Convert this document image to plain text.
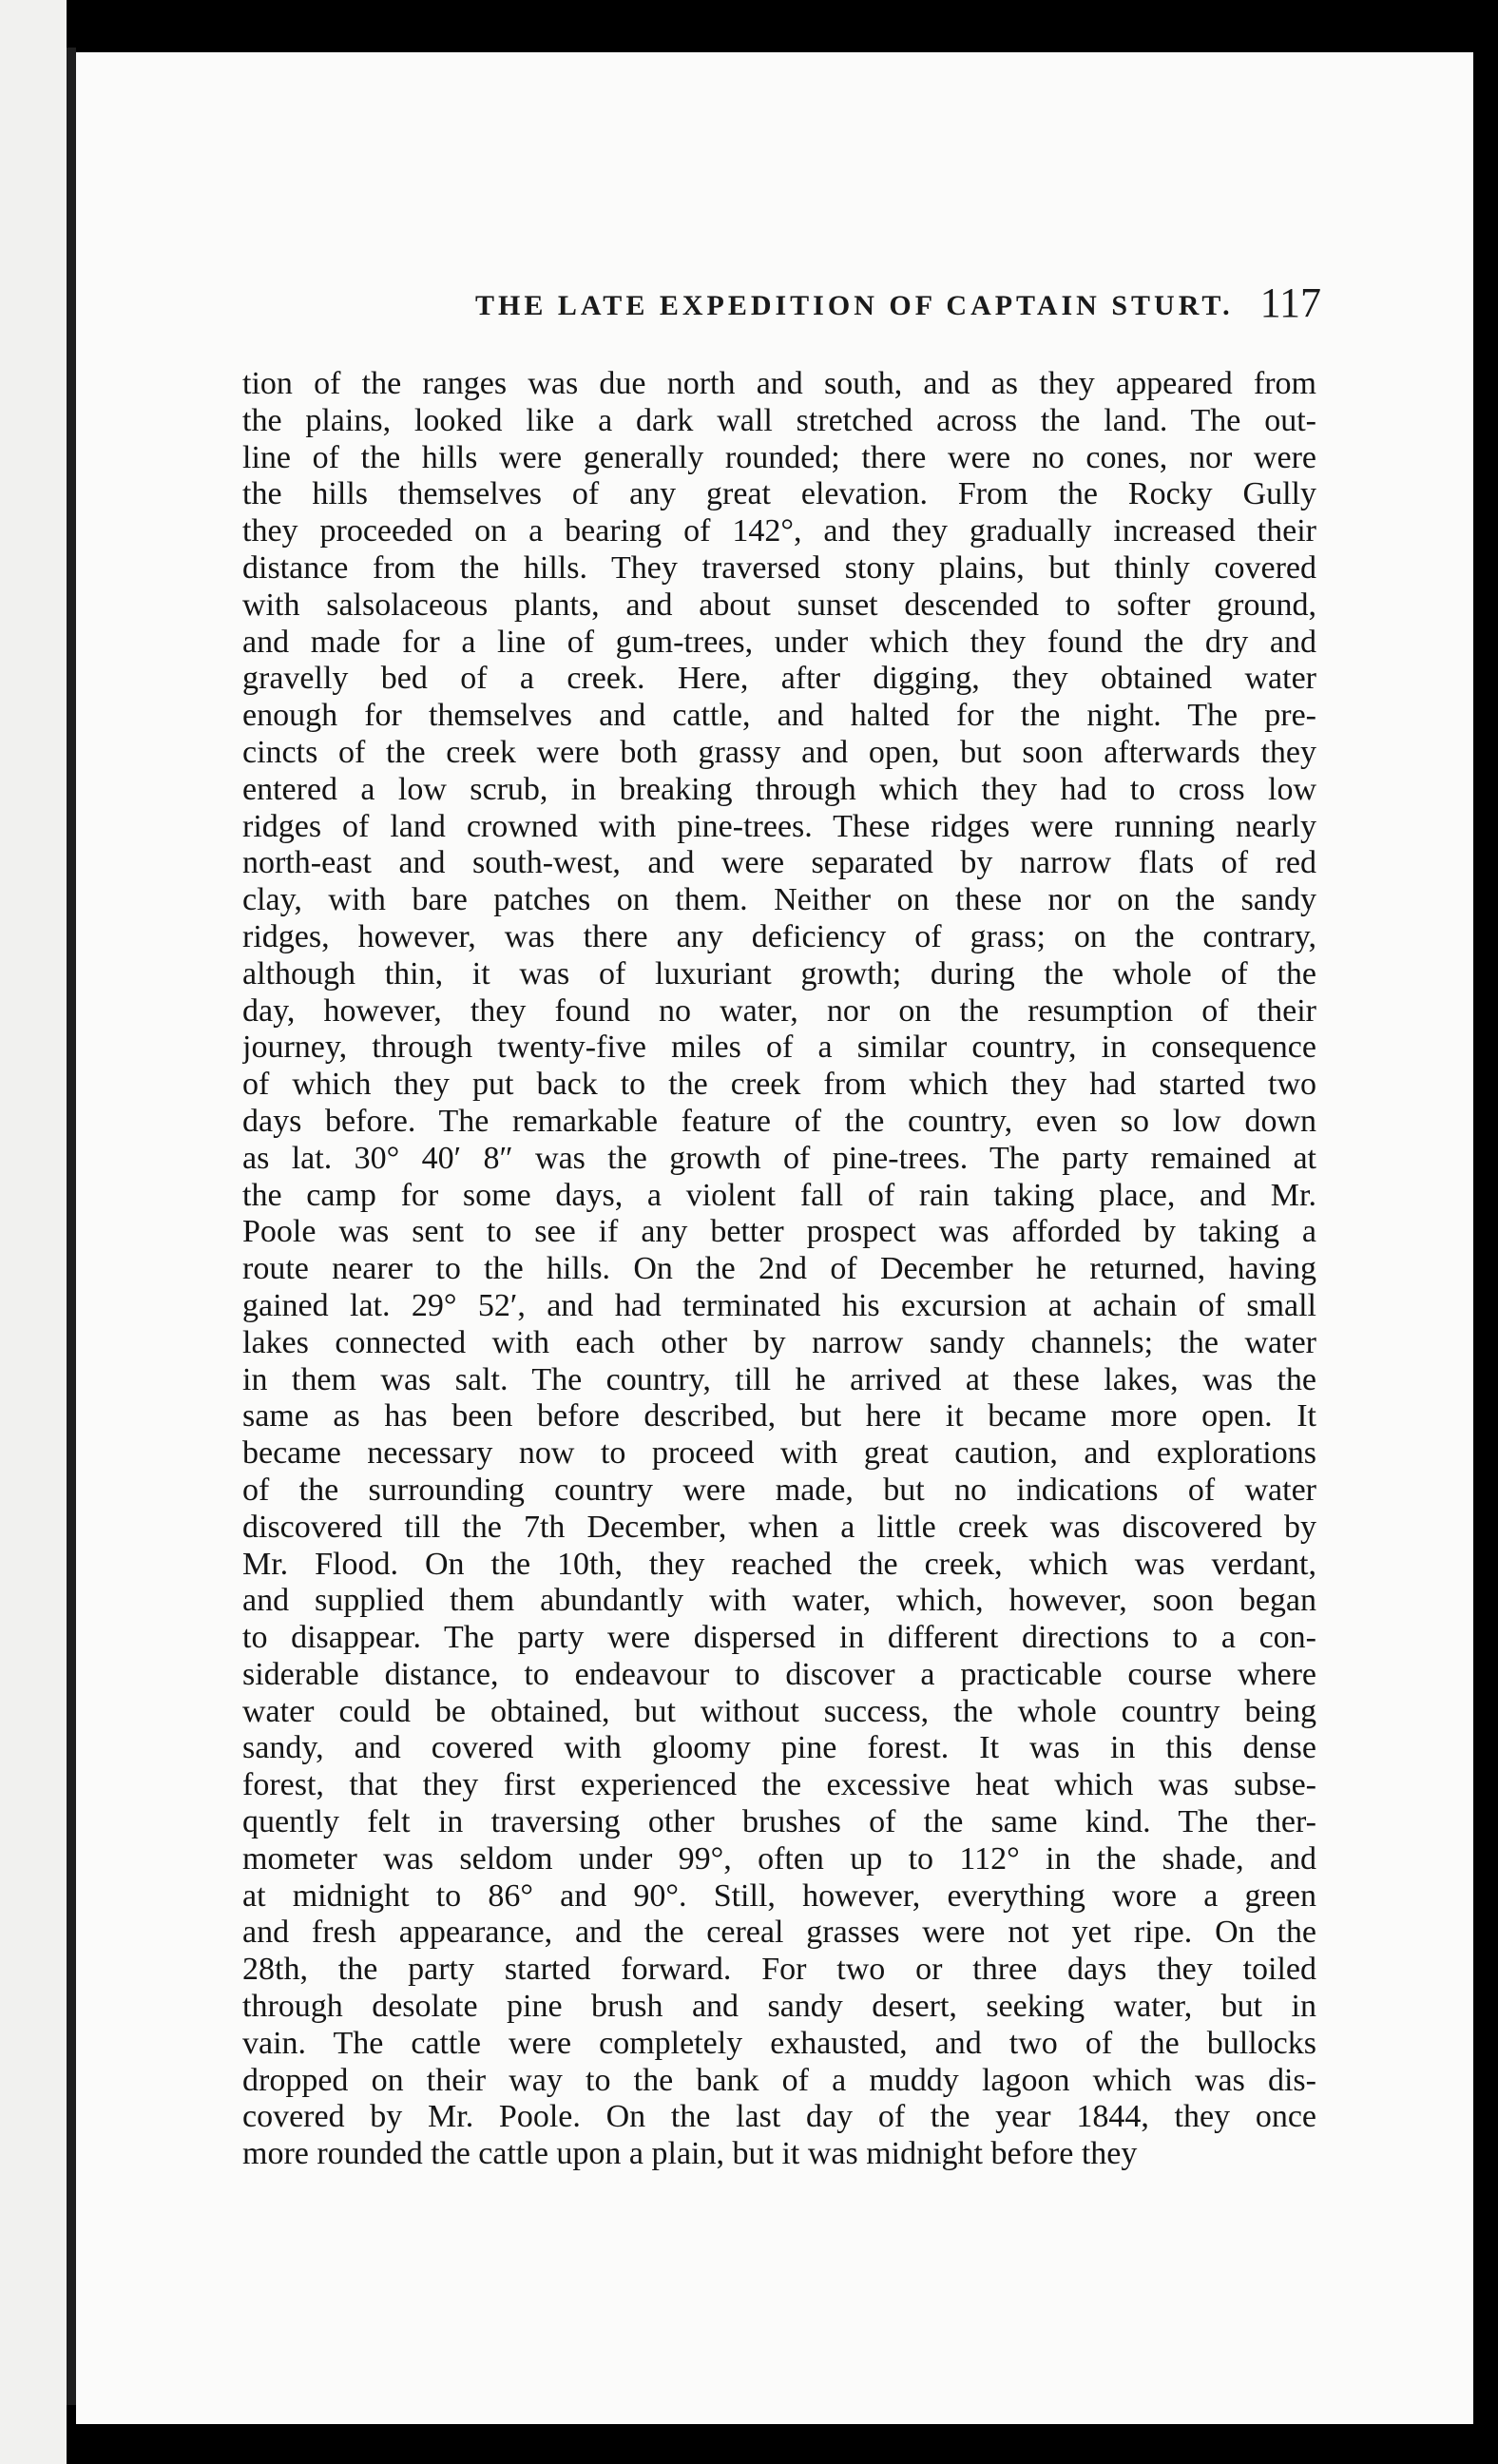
THE LATE EXPEDITION OF CAPTAIN STURT. 117
tion of the ranges was due north and south, and as they appeared from
the plains, looked like a dark wall stretched across the land. The out-
line of the hills were generally rounded; there were no cones, nor were
the hills themselves of any great elevation. From the Rocky Gully
they proceeded on a bearing of 142°, and they gradually increased their
distance from the hills. They traversed stony plains, but thinly covered
with salsolaceous plants, and about sunset descended to softer ground,
and made for a line of gum-trees, under which they found the dry and
gravelly bed of a creek. Here, after digging, they obtained water
enough for themselves and cattle, and halted for the night. The pre-
cincts of the creek were both grassy and open, but soon afterwards they
entered a low scrub, in breaking through which they had to cross low
ridges of land crowned with pine-trees. These ridges were running nearly
north-east and south-west, and were separated by narrow flats of red
clay, with bare patches on them. Neither on these nor on the sandy
ridges, however, was there any deficiency of grass; on the contrary,
although thin, it was of luxuriant growth; during the whole of the
day, however, they found no water, nor on the resumption of their
journey, through twenty-five miles of a similar country, in consequence
of which they put back to the creek from which they had started two
days before. The remarkable feature of the country, even so low down
as lat. 30° 40′ 8″ was the growth of pine-trees. The party remained at
the camp for some days, a violent fall of rain taking place, and Mr.
Poole was sent to see if any better prospect was afforded by taking a
route nearer to the hills. On the 2nd of December he returned, having
gained lat. 29° 52′, and had terminated his excursion at achain of small
lakes connected with each other by narrow sandy channels; the water
in them was salt. The country, till he arrived at these lakes, was the
same as has been before described, but here it became more open. It
became necessary now to proceed with great caution, and explorations
of the surrounding country were made, but no indications of water
discovered till the 7th December, when a little creek was discovered by
Mr. Flood. On the 10th, they reached the creek, which was verdant,
and supplied them abundantly with water, which, however, soon began
to disappear. The party were dispersed in different directions to a con-
siderable distance, to endeavour to discover a practicable course where
water could be obtained, but without success, the whole country being
sandy, and covered with gloomy pine forest. It was in this dense
forest, that they first experienced the excessive heat which was subse-
quently felt in traversing other brushes of the same kind. The ther-
mometer was seldom under 99°, often up to 112° in the shade, and
at midnight to 86° and 90°. Still, however, everything wore a green
and fresh appearance, and the cereal grasses were not yet ripe. On the
28th, the party started forward. For two or three days they toiled
through desolate pine brush and sandy desert, seeking water, but in
vain. The cattle were completely exhausted, and two of the bullocks
dropped on their way to the bank of a muddy lagoon which was dis-
covered by Mr. Poole. On the last day of the year 1844, they once
more rounded the cattle upon a plain, but it was midnight before they
